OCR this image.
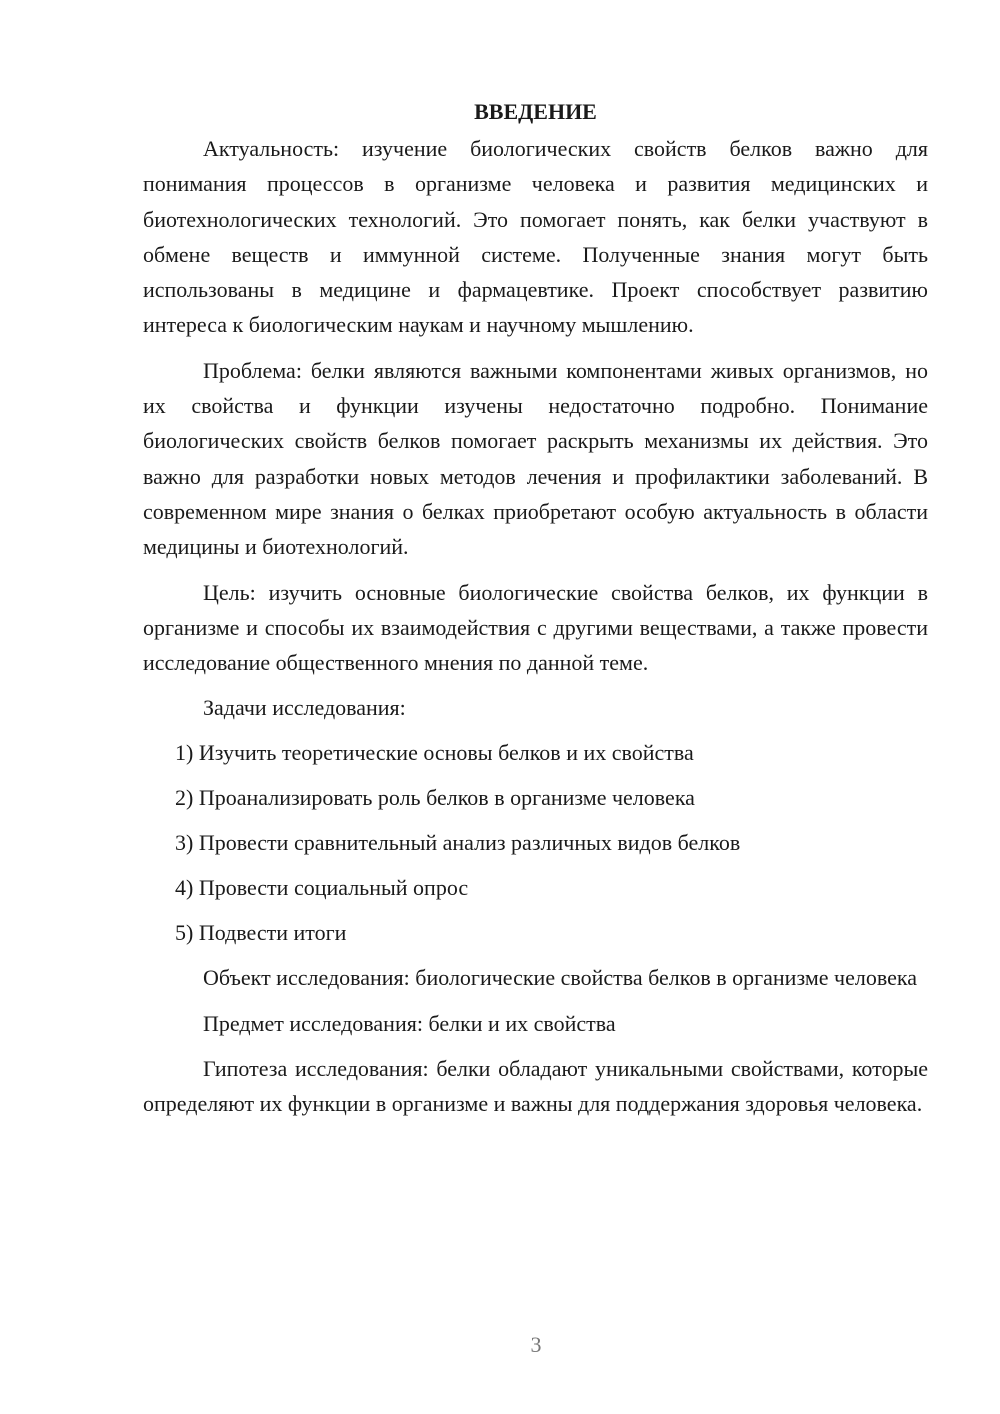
ВВЕДЕНИЕ

Актуальность: изучение биологических свойств белков важно для понимания процессов в организме человека и развития медицинских и биотехнологических технологий. Это помогает понять, как белки участвуют в обмене веществ и иммунной системе. Полученные знания могут быть использованы в медицине и фармацевтике. Проект способствует развитию интереса к биологическим наукам и научному мышлению.

Проблема: белки являются важными компонентами живых организмов, но их свойства и функции изучены недостаточно подробно. Понимание биологических свойств белков помогает раскрыть механизмы их действия. Это важно для разработки новых методов лечения и профилактики заболеваний. В современном мире знания о белках приобретают особую актуальность в области медицины и биотехнологий.

Цель: изучить основные биологические свойства белков, их функции в организме и способы их взаимодействия с другими веществами, а также провести исследование общественного мнения по данной теме.

Задачи исследования:

1) Изучить теоретические основы белков и их свойства
2) Проанализировать роль белков в организме человека
3) Провести сравнительный анализ различных видов белков
4) Провести социальный опрос
5) Подвести итоги

Объект исследования: биологические свойства белков в организме человека

Предмет исследования: белки и их свойства

Гипотеза исследования: белки обладают уникальными свойствами, которые определяют их функции в организме и важны для поддержания здоровья человека.

3
